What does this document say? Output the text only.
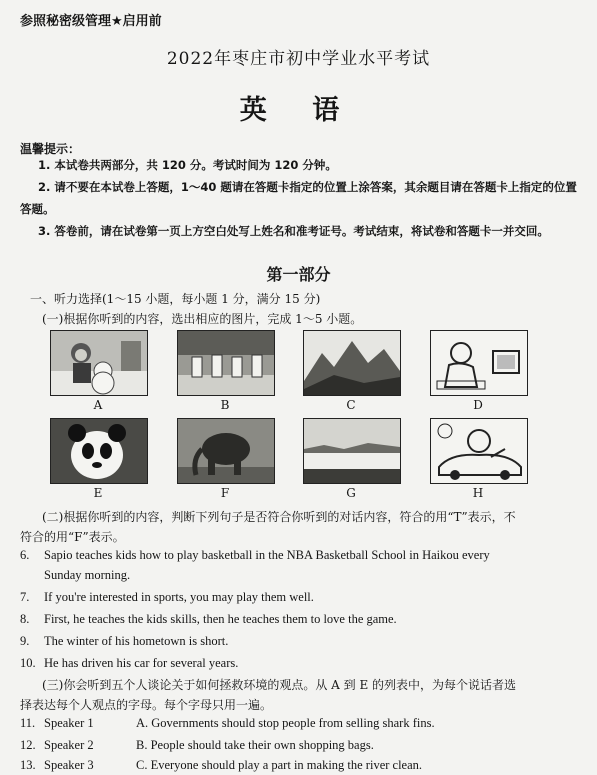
参照秘密级管理★启用前
2022年枣庄市初中学业水平考试
英 语
温馨提示：
1. 本试卷共两部分，共 120 分。考试时间为 120 分钟。
2. 请不要在本试卷上答题，1～40 题请在答题卡指定的位置上涂答案，其余题目请在答题卡上指定的位置答题。
3. 答卷前，请在试卷第一页上方空白处写上姓名和准考证号。考试结束，将试卷和答题卡一并交回。
第一部分
一、听力选择(1～15 小题，每小题 1 分，满分 15 分)
(一)根据你听到的内容，选出相应的图片，完成 1～5 小题。
A	B	C	D
E	F	G	H
(二)根据你听到的内容，判断下列句子是否符合你听到的对话内容，符合的用“T”表示，不
符合的用“F”表示。
6. Sapio teaches kids how to play basketball in the NBA Basketball School in Haikou every
Sunday morning.
7. If you're interested in sports, you may play them well.
8. First, he teaches the kids skills, then he teaches them to love the game.
9. The winter of his hometown is short.
10. He has driven his car for several years.
(三)你会听到五个人谈论关于如何拯救环境的观点。从 A 到 E 的列表中，为每个说话者选
择表达每个人观点的字母。每个字母只用一遍。
11. Speaker 1	A. Governments should stop people from selling shark fins.
12. Speaker 2	B. People should take their own shopping bags.
13. Speaker 3	C. Everyone should play a part in making the river clean.
